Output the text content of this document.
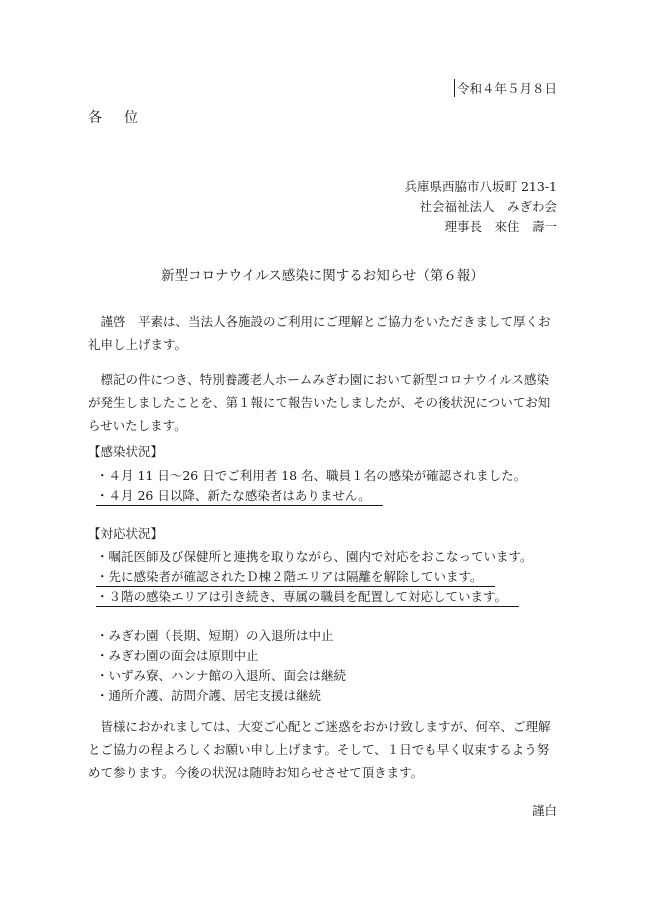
令和４年５月８日
各位
兵庫県西脇市八坂町 213-1
社会福祉法人　みぎわ会
理事長　來住　壽一
新型コロナウイルス感染に関するお知らせ（第６報）
　謹啓　平素は、当法人各施設のご利用にご理解とご協力をいただきまして厚くお礼申し上げます。
　標記の件につき、特別養護老人ホームみぎわ園において新型コロナウイルス感染が発生しましたことを、第１報にて報告いたしましたが、その後状況についてお知らせいたします。
【感染状況】
・４月 11 日～26 日でご利用者 18 名、職員１名の感染が確認されました。
・４月 26 日以降、新たな感染者はありません。
【対応状況】
・嘱託医師及び保健所と連携を取りながら、園内で対応をおこなっています。
・先に感染者が確認されたＤ棟２階エリアは隔離を解除しています。
・３階の感染エリアは引き続き、専属の職員を配置して対応しています。
・みぎわ園（長期、短期）の入退所は中止
・みぎわ園の面会は原則中止
・いずみ寮、ハンナ館の入退所、面会は継続
・通所介護、訪問介護、居宅支援は継続
　皆様におかれましては、大変ご心配とご迷惑をおかけ致しますが、何卒、ご理解とご協力の程よろしくお願い申し上げます。そして、１日でも早く収束するよう努めて参ります。今後の状況は随時お知らせさせて頂きます。
謹白
